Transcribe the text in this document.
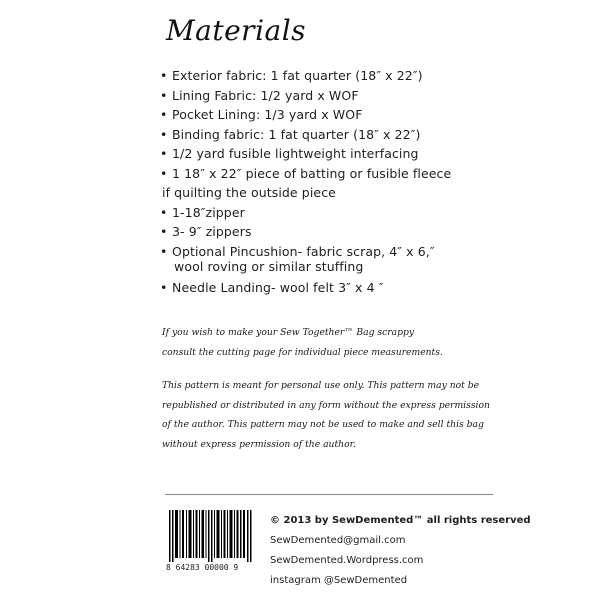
Materials
• Exterior fabric: 1 fat quarter (18″ x 22″)
• Lining Fabric: 1/2 yard x WOF
• Pocket Lining: 1/3 yard x WOF
• Binding fabric: 1 fat quarter (18″ x 22″)
• 1/2 yard fusible lightweight interfacing
• 1 18″ x 22″ piece of batting or fusible fleece
if quilting the outside piece
• 1-18″zipper
• 3- 9″ zippers
• Optional Pincushion- fabric scrap, 4″ x 6,″
wool roving or similar stuffing
• Needle Landing- wool felt 3″ x 4 ″
If you wish to make your Sew Together™ Bag scrappy
consult the cutting page for individual piece measurements.
This pattern is meant for personal use only. This pattern may not be
republished or distributed in any form without the express permission
of the author. This pattern may not be used to make and sell this bag
without express permission of the author.
8 64283 00000 9
© 2013 by SewDemented™ all rights reserved
SewDemented@gmail.com
SewDemented.Wordpress.com
instagram @SewDemented
